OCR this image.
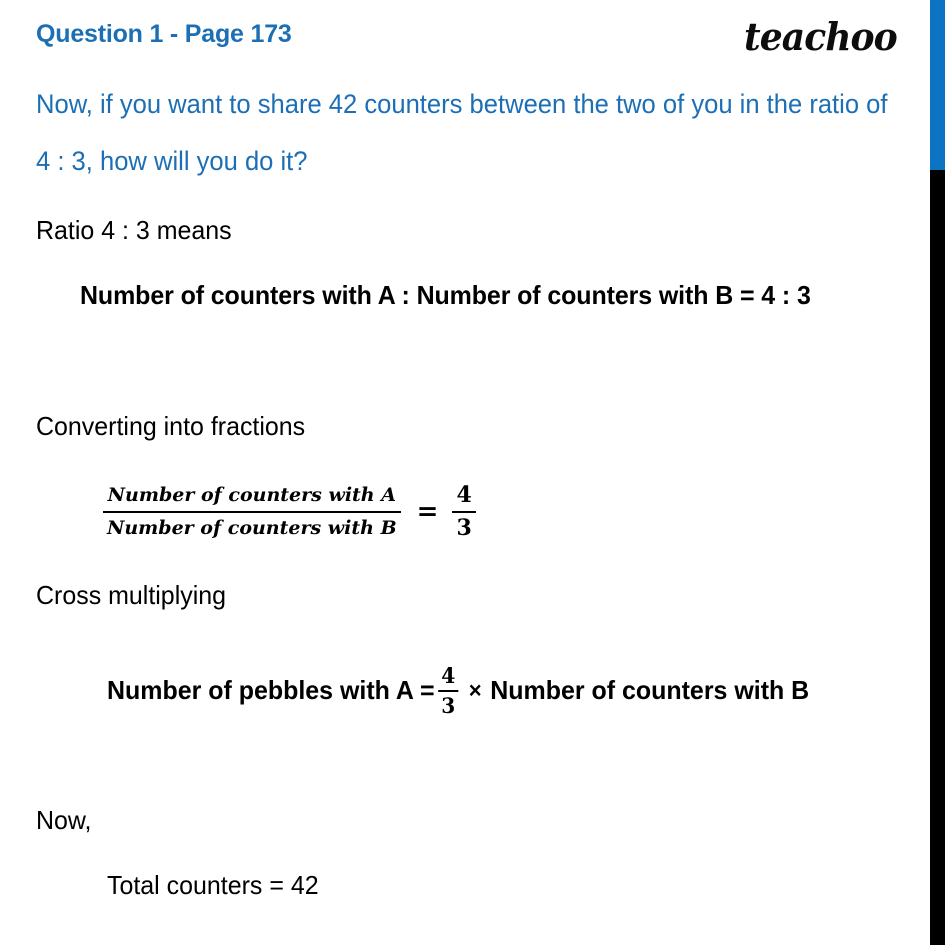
Question 1 - Page 173	teachoo
Now, if you want to share 42 counters between the two of you in the ratio of 4 : 3, how will you do it?
Ratio 4 : 3 means
Number of counters with A : Number of counters with B = 4 : 3
Converting into fractions
$\frac{\text{Number of counters with A}}{\text{Number of counters with B}} = \frac{4}{3}$
Cross multiplying
Number of pebbles with $A = \frac{4}{3}$ × Number of counters with B
Now,
Total counters = 42
